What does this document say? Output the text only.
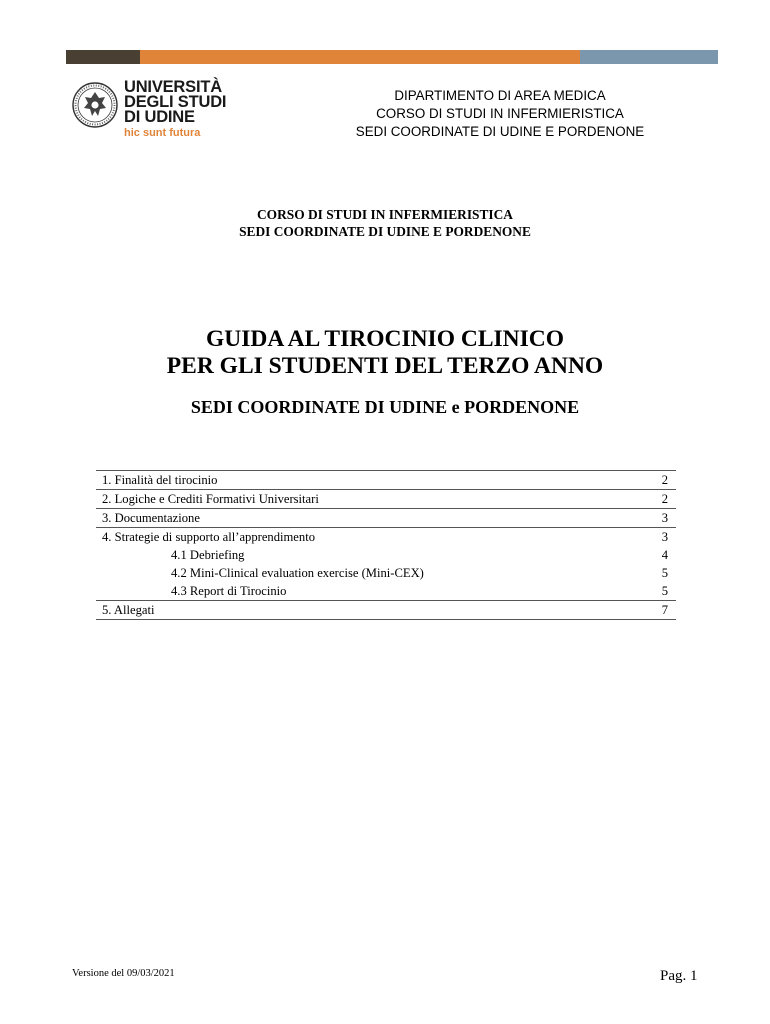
UNIVERSITÀ
DEGLI STUDI
DI UDINE
hic sunt futura
DIPARTIMENTO DI AREA MEDICA
CORSO DI STUDI IN INFERMIERISTICA
SEDI COORDINATE DI UDINE E PORDENONE
CORSO DI STUDI IN INFERMIERISTICA
SEDI COORDINATE DI UDINE E PORDENONE
GUIDA AL TIROCINIO CLINICO
PER GLI STUDENTI DEL TERZO ANNO
SEDI COORDINATE DI UDINE e PORDENONE
1. Finalità del tirocinio	2
2. Logiche e Crediti Formativi Universitari	2
3. Documentazione	3
4. Strategie di supporto all’apprendimento	3
4.1 Debriefing	4
4.2 Mini-Clinical evaluation exercise (Mini-CEX)	5
4.3 Report di Tirocinio	5
5. Allegati	7
Versione del 09/03/2021	Pag. 1
